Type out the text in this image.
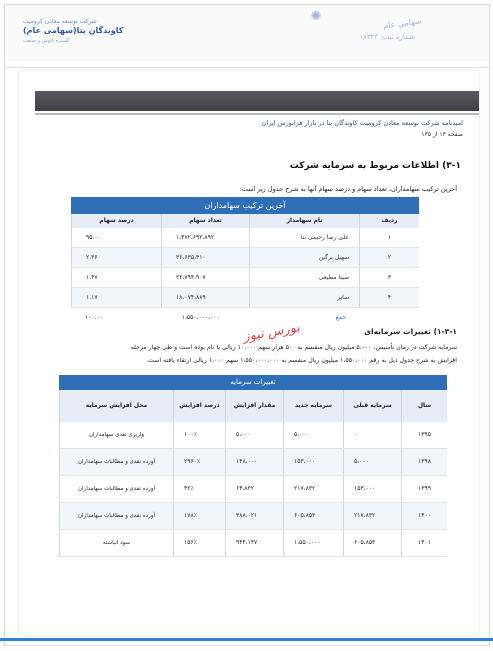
شرکت توسعه معادن کرومیت
کاوندگان بتا(سهامی عام)
گستره کاوش و صنعت
✺	سهامی عام
شماره ثبت: ۱۸۳۲۳
امیدنامه شرکت توسعه معادن کرومیت کاوندگان بتا در بازار فرابورس ایران
صفحه ۱۳ از ۱۳۵
۳-۱) اطلاعات مربوط به سرمایه شرکت
آخرین ترکیب سهامداران، تعداد سهام و درصد سهام آنها به شرح جدول زیر است:
آخرین ترکیب سهامداران
ردیف
نام سهامدار
تعداد سهام
درصد سهام
۱
علی رضا رحیمی بنا
۱،۴۷۲،۶۹۲،۸۹۲
۹۵.۰۰
۲
سهیل برگین
۳۶،۶۳۵،۳۱۰
۲.۳۶
۳
سینا مطیعی
۲۲،۷۹۴،۹۰۷
۱.۴۷
۴
سایر
۱۸،۰۷۴،۸۸۹
۱.۱۷
جمع
۱،۵۵۰،۰۰۰،۰۰۰
۱۰۰.۰۰
۱-۳-۱) تغییرات سرمایه‌ای
بورس نیوز
سرمایه شرکت در زمان تأسیس، ۵،۰۰۰ میلیون ریال منقسم به ۵۰۰ هزار سهم ۱۰،۰۰۰ ریالی با نام بوده است و طی چهار مرحله
افزایش به شرح جدول ذیل به رقم ۱،۵۵۰،۰۰۰ میلیون ریال منقسم به ۱،۵۵۰،۰۰۰،۰۰۰ سهم ۱،۰۰۰ ریالی ارتقاء یافته است.
تغییرات سرمایه
سال
سرمایه قبلی
سرمایه جدید
مقدار افزایش
درصد افزایش
محل افزایش سرمایه
۱۳۹۵
۰
۵،۰۰۰
۵،۰۰۰
۱۰۰٪
واریزی نقدی سهامداران
۱۳۹۸
۵،۰۰۰
۱۵۳،۰۰۰
۱۴۸،۰۰۰
۲۹۶۰٪
آورده نقدی و مطالبات سهامداران
۱۳۹۹
۱۵۳،۰۰۰
۲۱۷،۸۳۲
۶۴،۸۳۲
۴۲٪
آورده نقدی و مطالبات سهامداران
۱۴۰۰
۲۱۷،۸۳۲
۶۰۵،۸۵۳
۳۸۸،۰۲۱
۱۷۸٪
آورده نقدی و مطالبات سهامداران
۱۴۰۱
۶۰۵،۸۵۳
۱،۵۵۰،۰۰۰
۹۴۴،۱۴۷
۱۵۶٪
سود انباشته
